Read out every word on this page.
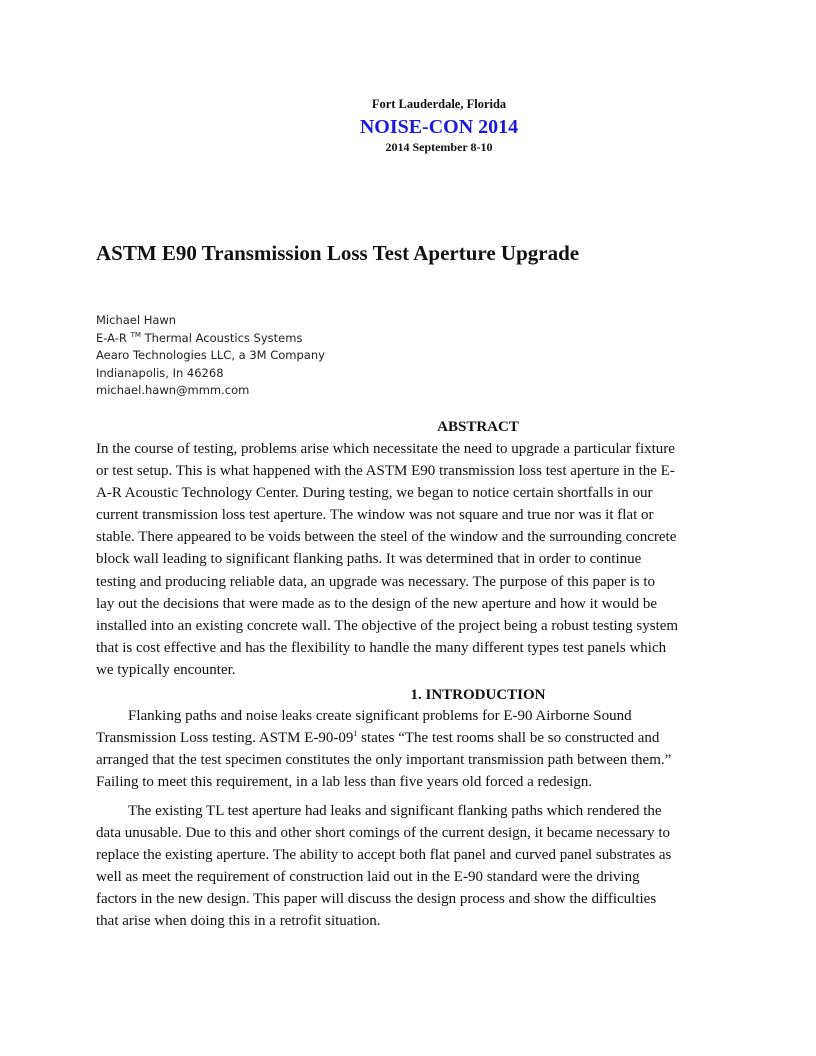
Fort Lauderdale, Florida
NOISE-CON 2014
2014 September 8-10
ASTM E90 Transmission Loss Test Aperture Upgrade
Michael Hawn
E-A-R ™ Thermal Acoustics Systems
Aearo Technologies LLC, a 3M Company
Indianapolis, In 46268
michael.hawn@mmm.com
ABSTRACT
In the course of testing, problems arise which necessitate the need to upgrade a particular fixture
or test setup. This is what happened with the ASTM E90 transmission loss test aperture in the E-
A-R Acoustic Technology Center. During testing, we began to notice certain shortfalls in our
current transmission loss test aperture. The window was not square and true nor was it flat or
stable. There appeared to be voids between the steel of the window and the surrounding concrete
block wall leading to significant flanking paths. It was determined that in order to continue
testing and producing reliable data, an upgrade was necessary. The purpose of this paper is to
lay out the decisions that were made as to the design of the new aperture and how it would be
installed into an existing concrete wall. The objective of the project being a robust testing system
that is cost effective and has the flexibility to handle the many different types test panels which
we typically encounter.
1. INTRODUCTION
Flanking paths and noise leaks create significant problems for E-90 Airborne Sound
Transmission Loss testing. ASTM $E-90-09^1$ states “The test rooms shall be so constructed and
arranged that the test specimen constitutes the only important transmission path between them.”
Failing to meet this requirement, in a lab less than five years old forced a redesign.
The existing TL test aperture had leaks and significant flanking paths which rendered the
data unusable. Due to this and other short comings of the current design, it became necessary to
replace the existing aperture. The ability to accept both flat panel and curved panel substrates as
well as meet the requirement of construction laid out in the E-90 standard were the driving
factors in the new design. This paper will discuss the design process and show the difficulties
that arise when doing this in a retrofit situation.
